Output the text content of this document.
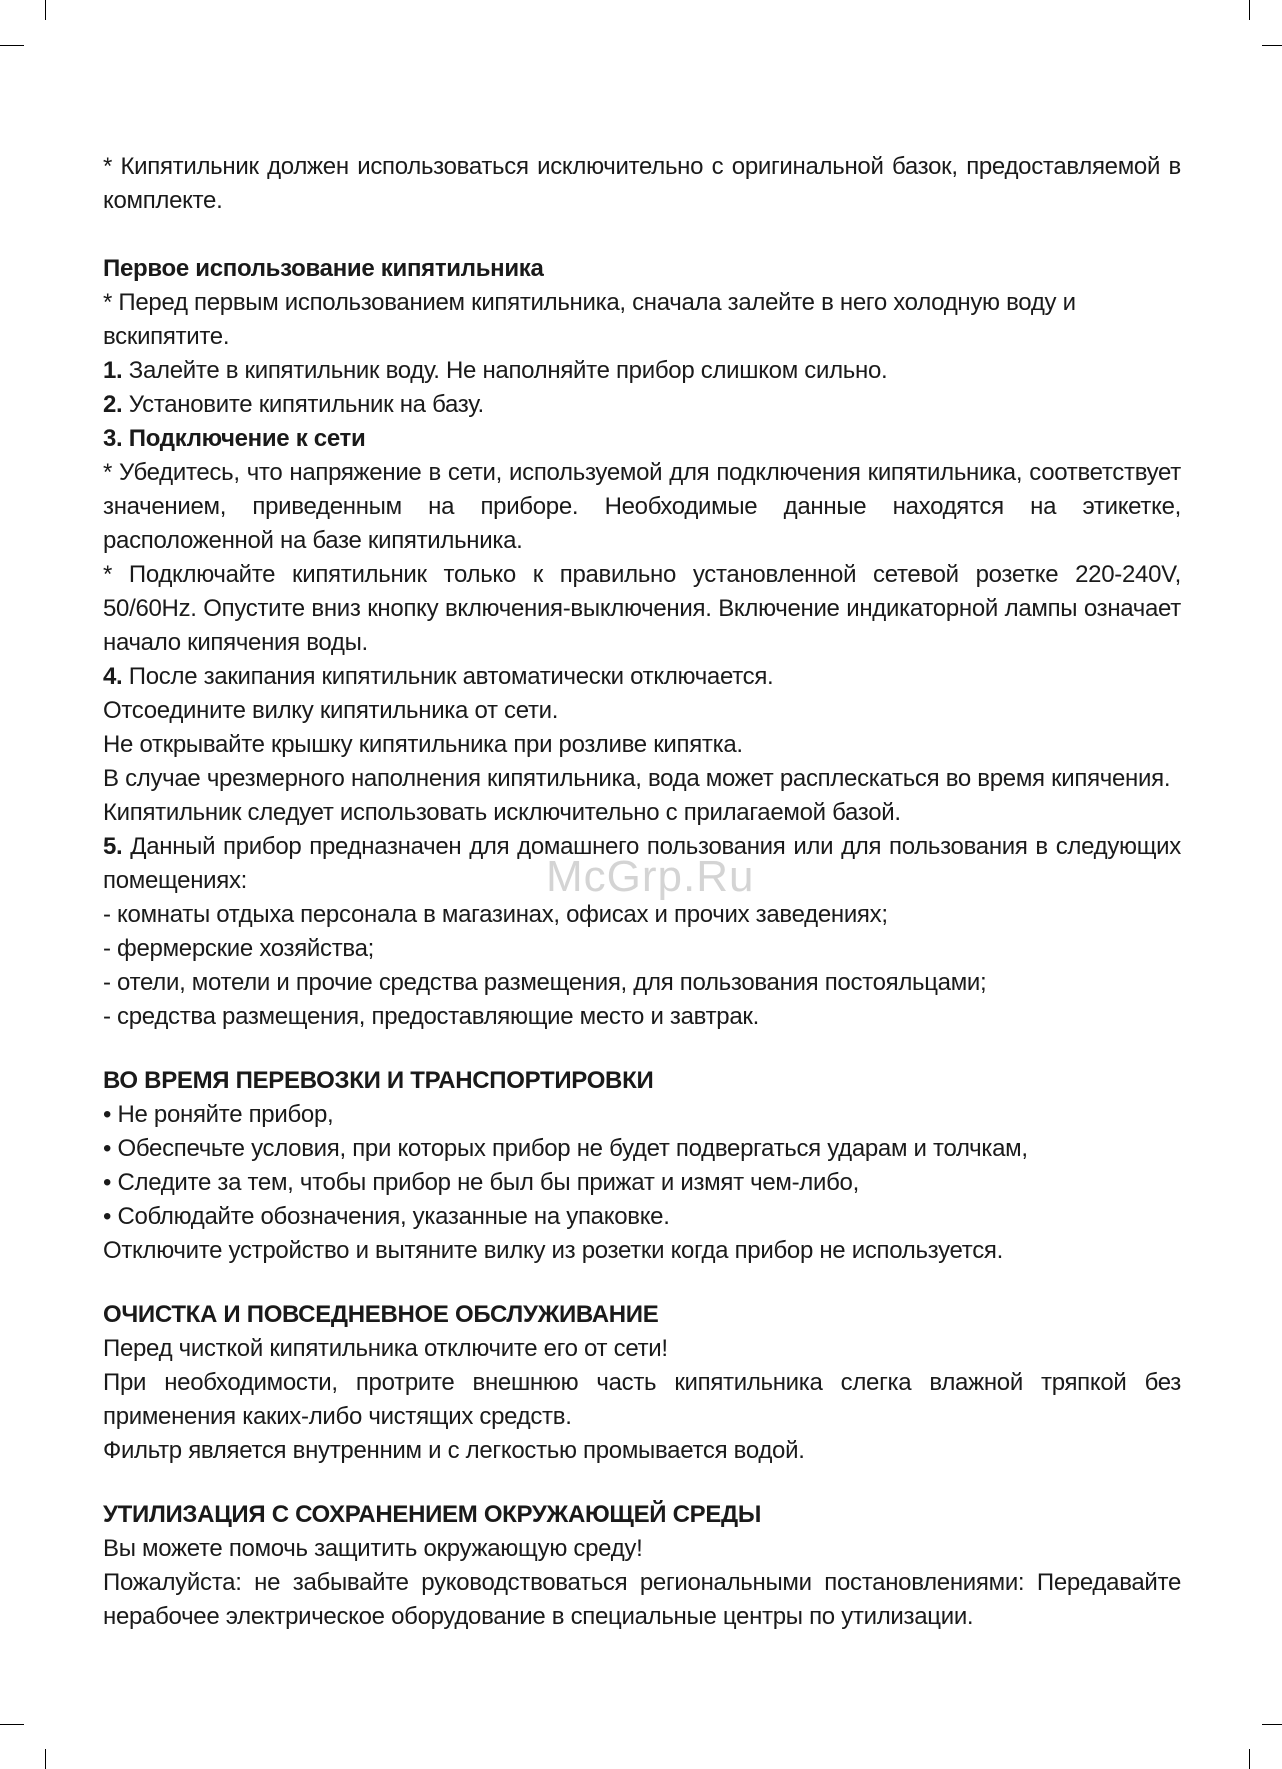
* Кипятильник должен использоваться исключительно с оригинальной базок, предоставляемой в комплекте.

Первое использование кипятильника

* Перед первым использованием кипятильника, сначала залейте в него холодную воду и вскипятите.

1. Залейте в кипятильник воду. Не наполняйте прибор слишком сильно.

2. Установите кипятильник на базу.

3. Подключение к сети

* Убедитесь, что напряжение в сети, используемой для подключения кипятильника, соответствует значением, приведенным на приборе. Необходимые данные находятся на этикетке, расположенной на базе кипятильника.

* Подключайте кипятильник только к правильно установленной сетевой розетке 220-240V, 50/60Hz. Опустите вниз кнопку включения-выключения. Включение индикаторной лампы означает начало кипячения воды.

4. После закипания кипятильник автоматически отключается.

Отсоедините вилку кипятильника от сети.

Не открывайте крышку кипятильника при розливе кипятка.

В случае чрезмерного наполнения кипятильника, вода может расплескаться во время кипячения.

Кипятильник следует использовать исключительно с прилагаемой базой.

5. Данный прибор предназначен для домашнего пользования или для пользования в следующих помещениях:

- комнаты отдыха персонала в магазинах, офисах и прочих заведениях;

- фермерские хозяйства;

- отели, мотели и прочие средства размещения, для пользования постояльцами;

- средства размещения, предоставляющие место и завтрак.

ВО ВРЕМЯ ПЕРЕВОЗКИ И ТРАНСПОРТИРОВКИ

• Не роняйте прибор,

• Обеспечьте условия, при которых прибор не будет подвергаться ударам и толчкам,

• Следите за тем, чтобы прибор не был бы прижат и измят чем-либо,

• Соблюдайте обозначения, указанные на упаковке.

Отключите устройство и вытяните вилку из розетки когда прибор не используется.

ОЧИСТКА И ПОВСЕДНЕВНОЕ ОБСЛУЖИВАНИЕ

Перед чисткой кипятильника отключите его от сети!

При необходимости, протрите внешнюю часть кипятильника слегка влажной тряпкой без применения каких-либо чистящих средств.

Фильтр является внутренним и с легкостью промывается водой.

УТИЛИЗАЦИЯ С СОХРАНЕНИЕМ ОКРУЖАЮЩЕЙ СРЕДЫ

Вы можете помочь защитить окружающую среду!

Пожалуйста: не забывайте руководствоваться региональными постановлениями: Передавайте нерабочее электрическое оборудование в специальные центры по утилизации.

McGrp.Ru
